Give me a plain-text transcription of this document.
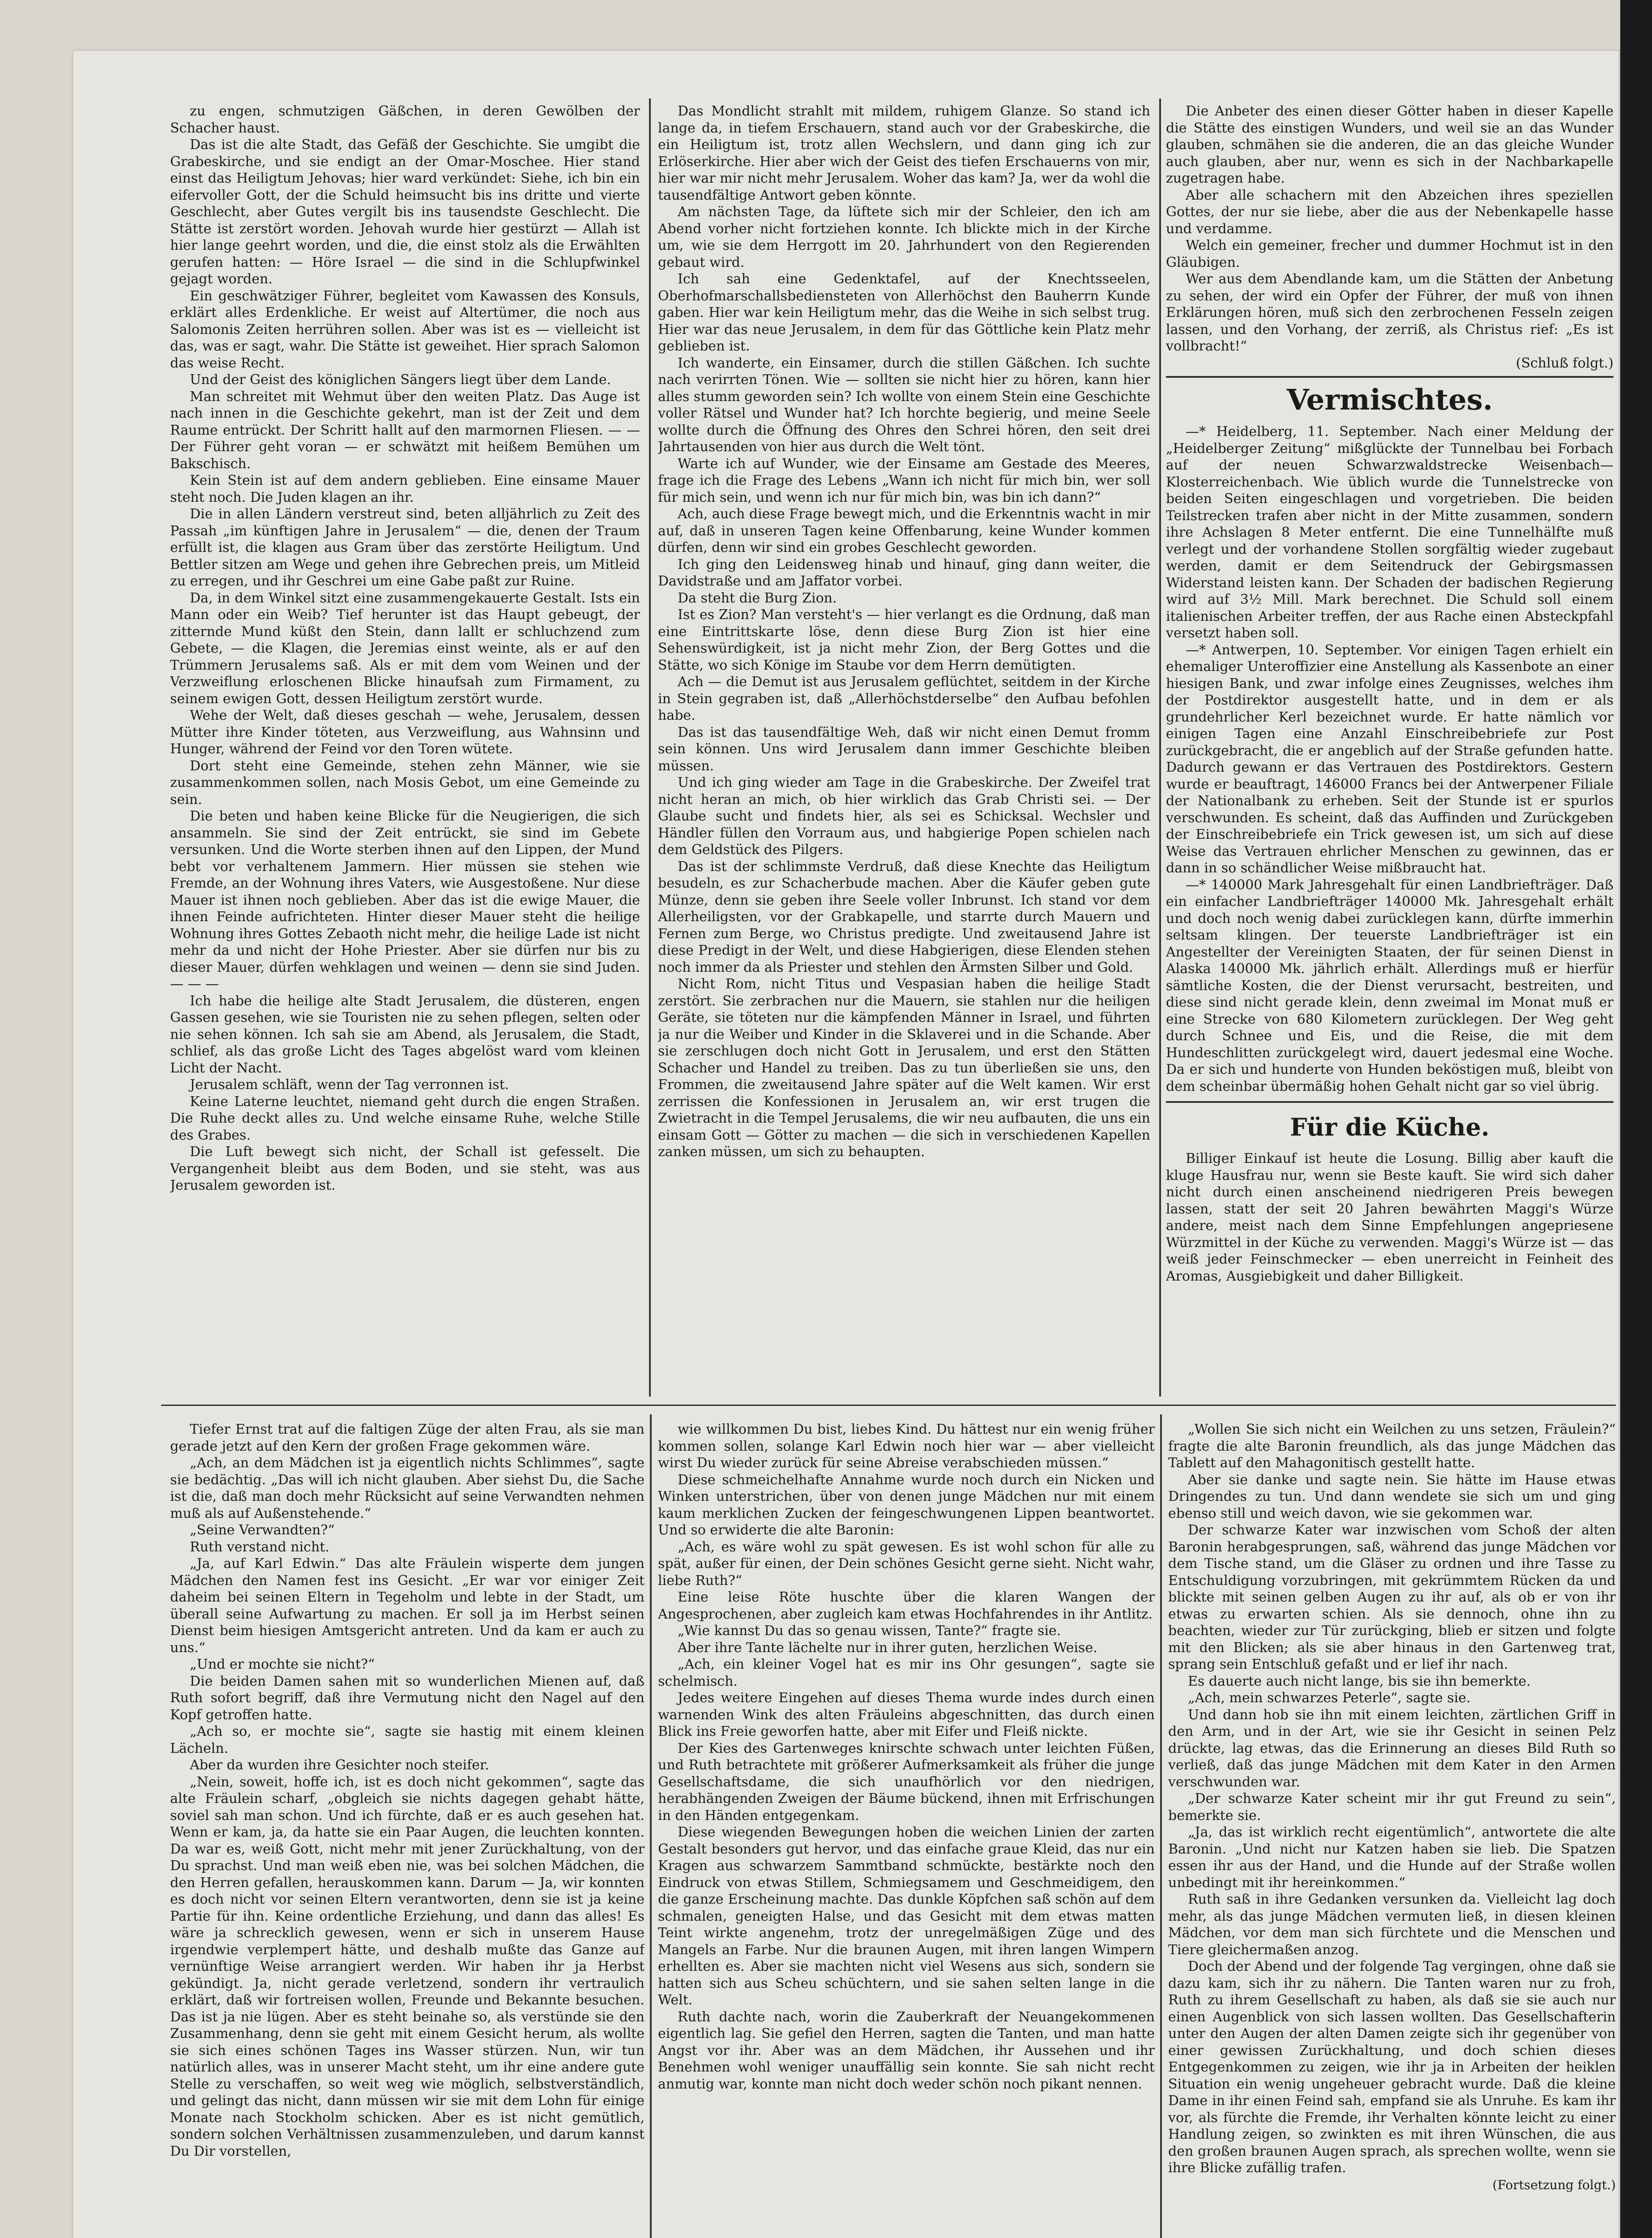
zu engen, schmutzigen Gäßchen, in deren Gewölben der Schacher haust.

Das ist die alte Stadt, das Gefäß der Geschichte. Sie umgibt die Grabeskirche, und sie endigt an der Omar-Moschee. Hier stand einst das Heiligtum Jehovas; hier ward verkündet: Siehe, ich bin ein eifervoller Gott, der die Schuld heimsucht bis ins dritte und vierte Geschlecht, aber Gutes vergilt bis ins tausendste Geschlecht. Die Stätte ist zerstört worden. Jehovah wurde hier gestürzt — Allah ist hier lange geehrt worden, und die, die einst stolz als die Erwählten gerufen hatten: — Höre Israel — die sind in die Schlupfwinkel gejagt worden.

Ein geschwätziger Führer, begleitet vom Kawassen des Konsuls, erklärt alles Erdenkliche. Er weist auf Altertümer, die noch aus Salomonis Zeiten herrühren sollen. Aber was ist es — vielleicht ist das, was er sagt, wahr. Die Stätte ist geweihet. Hier sprach Salomon das weise Recht.

Und der Geist des königlichen Sängers liegt über dem Lande.

Man schreitet mit Wehmut über den weiten Platz. Das Auge ist nach innen in die Geschichte gekehrt, man ist der Zeit und dem Raume entrückt. Der Schritt hallt auf den marmornen Fliesen. — — Der Führer geht voran — er schwätzt mit heißem Bemühen um Bakschisch.

Kein Stein ist auf dem andern geblieben. Eine einsame Mauer steht noch. Die Juden klagen an ihr.

Die in allen Ländern verstreut sind, beten alljährlich zu Zeit des Passah „im künftigen Jahre in Jerusalem“ — die, denen der Traum erfüllt ist, die klagen aus Gram über das zerstörte Heiligtum. Und Bettler sitzen am Wege und gehen ihre Gebrechen preis, um Mitleid zu erregen, und ihr Geschrei um eine Gabe paßt zur Ruine.

Da, in dem Winkel sitzt eine zusammengekauerte Gestalt. Ists ein Mann oder ein Weib? Tief herunter ist das Haupt gebeugt, der zitternde Mund küßt den Stein, dann lallt er schluchzend zum Gebete, — die Klagen, die Jeremias einst weinte, als er auf den Trümmern Jerusalems saß. Als er mit dem vom Weinen und der Verzweiflung erloschenen Blicke hinaufsah zum Firmament, zu seinem ewigen Gott, dessen Heiligtum zerstört wurde.

Wehe der Welt, daß dieses geschah — wehe, Jerusalem, dessen Mütter ihre Kinder töteten, aus Verzweiflung, aus Wahnsinn und Hunger, während der Feind vor den Toren wütete.

Dort steht eine Gemeinde, stehen zehn Männer, wie sie zusammenkommen sollen, nach Mosis Gebot, um eine Gemeinde zu sein.

Die beten und haben keine Blicke für die Neugierigen, die sich ansammeln. Sie sind der Zeit entrückt, sie sind im Gebete versunken. Und die Worte sterben ihnen auf den Lippen, der Mund bebt vor verhaltenem Jammern. Hier müssen sie stehen wie Fremde, an der Wohnung ihres Vaters, wie Ausgestoßene. Nur diese Mauer ist ihnen noch geblieben. Aber das ist die ewige Mauer, die ihnen Feinde aufrichteten. Hinter dieser Mauer steht die heilige Wohnung ihres Gottes Zebaoth nicht mehr, die heilige Lade ist nicht mehr da und nicht der Hohe Priester. Aber sie dürfen nur bis zu dieser Mauer, dürfen wehklagen und weinen — denn sie sind Juden. — — —

Ich habe die heilige alte Stadt Jerusalem, die düsteren, engen Gassen gesehen, wie sie Touristen nie zu sehen pflegen, selten oder nie sehen können. Ich sah sie am Abend, als Jerusalem, die Stadt, schlief, als das große Licht des Tages abgelöst ward vom kleinen Licht der Nacht.

Jerusalem schläft, wenn der Tag verronnen ist.

Keine Laterne leuchtet, niemand geht durch die engen Straßen. Die Ruhe deckt alles zu. Und welche einsame Ruhe, welche Stille des Grabes.

Die Luft bewegt sich nicht, der Schall ist gefesselt. Die Vergangenheit bleibt aus dem Boden, und sie steht, was aus Jerusalem geworden ist.

Das Mondlicht strahlt mit mildem, ruhigem Glanze. So stand ich lange da, in tiefem Erschauern, stand auch vor der Grabeskirche, die ein Heiligtum ist, trotz allen Wechslern, und dann ging ich zur Erlöserkirche. Hier aber wich der Geist des tiefen Erschauerns von mir, hier war mir nicht mehr Jerusalem. Woher das kam? Ja, wer da wohl die tausendfältige Antwort geben könnte.

Am nächsten Tage, da lüftete sich mir der Schleier, den ich am Abend vorher nicht fortziehen konnte. Ich blickte mich in der Kirche um, wie sie dem Herrgott im 20. Jahrhundert von den Regierenden gebaut wird.

Ich sah eine Gedenktafel, auf der Knechtsseelen, Oberhofmarschallsbediensteten von Allerhöchst den Bauherrn Kunde gaben. Hier war kein Heiligtum mehr, das die Weihe in sich selbst trug. Hier war das neue Jerusalem, in dem für das Göttliche kein Platz mehr geblieben ist.

Ich wanderte, ein Einsamer, durch die stillen Gäßchen. Ich suchte nach verirrten Tönen. Wie — sollten sie nicht hier zu hören, kann hier alles stumm geworden sein? Ich wollte von einem Stein eine Geschichte voller Rätsel und Wunder hat? Ich horchte begierig, und meine Seele wollte durch die Öffnung des Ohres den Schrei hören, den seit drei Jahrtausenden von hier aus durch die Welt tönt.

Warte ich auf Wunder, wie der Einsame am Gestade des Meeres, frage ich die Frage des Lebens „Wann ich nicht für mich bin, wer soll für mich sein, und wenn ich nur für mich bin, was bin ich dann?“

Ach, auch diese Frage bewegt mich, und die Erkenntnis wacht in mir auf, daß in unseren Tagen keine Offenbarung, keine Wunder kommen dürfen, denn wir sind ein grobes Geschlecht geworden.

Ich ging den Leidensweg hinab und hinauf, ging dann weiter, die Davidstraße und am Jaffator vorbei.

Da steht die Burg Zion.

Ist es Zion? Man versteht's — hier verlangt es die Ordnung, daß man eine Eintrittskarte löse, denn diese Burg Zion ist hier eine Sehenswürdigkeit, ist ja nicht mehr Zion, der Berg Gottes und die Stätte, wo sich Könige im Staube vor dem Herrn demütigten.

Ach — die Demut ist aus Jerusalem geflüchtet, seitdem in der Kirche in Stein gegraben ist, daß „Allerhöchstderselbe“ den Aufbau befohlen habe.

Das ist das tausendfältige Weh, daß wir nicht einen Demut fromm sein können. Uns wird Jerusalem dann immer Geschichte bleiben müssen.

Und ich ging wieder am Tage in die Grabeskirche. Der Zweifel trat nicht heran an mich, ob hier wirklich das Grab Christi sei. — Der Glaube sucht und findets hier, als sei es Schicksal. Wechsler und Händler füllen den Vorraum aus, und habgierige Popen schielen nach dem Geldstück des Pilgers.

Das ist der schlimmste Verdruß, daß diese Knechte das Heiligtum besudeln, es zur Schacherbude machen. Aber die Käufer geben gute Münze, denn sie geben ihre Seele voller Inbrunst. Ich stand vor dem Allerheiligsten, vor der Grabkapelle, und starrte durch Mauern und Fernen zum Berge, wo Christus predigte. Und zweitausend Jahre ist diese Predigt in der Welt, und diese Habgierigen, diese Elenden stehen noch immer da als Priester und stehlen den Ärmsten Silber und Gold.

Nicht Rom, nicht Titus und Vespasian haben die heilige Stadt zerstört. Sie zerbrachen nur die Mauern, sie stahlen nur die heiligen Geräte, sie töteten nur die kämpfenden Männer in Israel, und führten ja nur die Weiber und Kinder in die Sklaverei und in die Schande. Aber sie zerschlugen doch nicht Gott in Jerusalem, und erst den Stätten Schacher und Handel zu treiben. Das zu tun überließen sie uns, den Frommen, die zweitausend Jahre später auf die Welt kamen. Wir erst zerrissen die Konfessionen in Jerusalem an, wir erst trugen die Zwietracht in die Tempel Jerusalems, die wir neu aufbauten, die uns ein einsam Gott — Götter zu machen — die sich in verschiedenen Kapellen zanken müssen, um sich zu behaupten.

Die Anbeter des einen dieser Götter haben in dieser Kapelle die Stätte des einstigen Wunders, und weil sie an das Wunder glauben, schmähen sie die anderen, die an das gleiche Wunder auch glauben, aber nur, wenn es sich in der Nachbarkapelle zugetragen habe.

Aber alle schachern mit den Abzeichen ihres speziellen Gottes, der nur sie liebe, aber die aus der Nebenkapelle hasse und verdamme.

Welch ein gemeiner, frecher und dummer Hochmut ist in den Gläubigen.

Wer aus dem Abendlande kam, um die Stätten der Anbetung zu sehen, der wird ein Opfer der Führer, der muß von ihnen Erklärungen hören, muß sich den zerbrochenen Fesseln zeigen lassen, und den Vorhang, der zerriß, als Christus rief: „Es ist vollbracht!“

(Schluß folgt.)
Vermischtes.

—* Heidelberg, 11. September. Nach einer Meldung der „Heidelberger Zeitung“ mißglückte der Tunnelbau bei Forbach auf der neuen Schwarzwaldstrecke Weisenbach—Klosterreichenbach. Wie üblich wurde die Tunnelstrecke von beiden Seiten eingeschlagen und vorgetrieben. Die beiden Teilstrecken trafen aber nicht in der Mitte zusammen, sondern ihre Achslagen 8 Meter entfernt. Die eine Tunnelhälfte muß verlegt und der vorhandene Stollen sorgfältig wieder zugebaut werden, damit er dem Seitendruck der Gebirgsmassen Widerstand leisten kann. Der Schaden der badischen Regierung wird auf 3½ Mill. Mark berechnet. Die Schuld soll einem italienischen Arbeiter treffen, der aus Rache einen Absteckpfahl versetzt haben soll.

—* Antwerpen, 10. September. Vor einigen Tagen erhielt ein ehemaliger Unteroffizier eine Anstellung als Kassenbote an einer hiesigen Bank, und zwar infolge eines Zeugnisses, welches ihm der Postdirektor ausgestellt hatte, und in dem er als grundehrlicher Kerl bezeichnet wurde. Er hatte nämlich vor einigen Tagen eine Anzahl Einschreibebriefe zur Post zurückgebracht, die er angeblich auf der Straße gefunden hatte. Dadurch gewann er das Vertrauen des Postdirektors. Gestern wurde er beauftragt, 146000 Francs bei der Antwerpener Filiale der Nationalbank zu erheben. Seit der Stunde ist er spurlos verschwunden. Es scheint, daß das Auffinden und Zurückgeben der Einschreibebriefe ein Trick gewesen ist, um sich auf diese Weise das Vertrauen ehrlicher Menschen zu gewinnen, das er dann in so schändlicher Weise mißbraucht hat.

—* 140000 Mark Jahresgehalt für einen Landbriefträger. Daß ein einfacher Landbriefträger 140000 Mk. Jahresgehalt erhält und doch noch wenig dabei zurücklegen kann, dürfte immerhin seltsam klingen. Der teuerste Landbriefträger ist ein Angestellter der Vereinigten Staaten, der für seinen Dienst in Alaska 140000 Mk. jährlich erhält. Allerdings muß er hierfür sämtliche Kosten, die der Dienst verursacht, bestreiten, und diese sind nicht gerade klein, denn zweimal im Monat muß er eine Strecke von 680 Kilometern zurücklegen. Der Weg geht durch Schnee und Eis, und die Reise, die mit dem Hundeschlitten zurückgelegt wird, dauert jedesmal eine Woche. Da er sich und hunderte von Hunden beköstigen muß, bleibt von dem scheinbar übermäßig hohen Gehalt nicht gar so viel übrig.

Für die Küche.

Billiger Einkauf ist heute die Losung. Billig aber kauft die kluge Hausfrau nur, wenn sie Beste kauft. Sie wird sich daher nicht durch einen anscheinend niedrigeren Preis bewegen lassen, statt der seit 20 Jahren bewährten Maggi's Würze andere, meist nach dem Sinne Empfehlungen angepriesene Würzmittel in der Küche zu verwenden. Maggi's Würze ist — das weiß jeder Feinschmecker — eben unerreicht in Feinheit des Aromas, Ausgiebigkeit und daher Billigkeit.

Tiefer Ernst trat auf die faltigen Züge der alten Frau, als sie man gerade jetzt auf den Kern der großen Frage gekommen wäre.

„Ach, an dem Mädchen ist ja eigentlich nichts Schlimmes“, sagte sie bedächtig. „Das will ich nicht glauben. Aber siehst Du, die Sache ist die, daß man doch mehr Rücksicht auf seine Verwandten nehmen muß als auf Außenstehende.“

„Seine Verwandten?“

Ruth verstand nicht.

„Ja, auf Karl Edwin.“ Das alte Fräulein wisperte dem jungen Mädchen den Namen fest ins Gesicht. „Er war vor einiger Zeit daheim bei seinen Eltern in Tegeholm und lebte in der Stadt, um überall seine Aufwartung zu machen. Er soll ja im Herbst seinen Dienst beim hiesigen Amtsgericht antreten. Und da kam er auch zu uns.“

„Und er mochte sie nicht?“

Die beiden Damen sahen mit so wunderlichen Mienen auf, daß Ruth sofort begriff, daß ihre Vermutung nicht den Nagel auf den Kopf getroffen hatte.

„Ach so, er mochte sie“, sagte sie hastig mit einem kleinen Lächeln.

Aber da wurden ihre Gesichter noch steifer.

„Nein, soweit, hoffe ich, ist es doch nicht gekommen“, sagte das alte Fräulein scharf, „obgleich sie nichts dagegen gehabt hätte, soviel sah man schon. Und ich fürchte, daß er es auch gesehen hat. Wenn er kam, ja, da hatte sie ein Paar Augen, die leuchten konnten. Da war es, weiß Gott, nicht mehr mit jener Zurückhaltung, von der Du sprachst. Und man weiß eben nie, was bei solchen Mädchen, die den Herren gefallen, herauskommen kann. Darum — Ja, wir konnten es doch nicht vor seinen Eltern verantworten, denn sie ist ja keine Partie für ihn. Keine ordentliche Erziehung, und dann das alles! Es wäre ja schrecklich gewesen, wenn er sich in unserem Hause irgendwie verplempert hätte, und deshalb mußte das Ganze auf vernünftige Weise arrangiert werden. Wir haben ihr ja Herbst gekündigt. Ja, nicht gerade verletzend, sondern ihr vertraulich erklärt, daß wir fortreisen wollen, Freunde und Bekannte besuchen. Das ist ja nie lügen. Aber es steht beinahe so, als verstünde sie den Zusammenhang, denn sie geht mit einem Gesicht herum, als wollte sie sich eines schönen Tages ins Wasser stürzen. Nun, wir tun natürlich alles, was in unserer Macht steht, um ihr eine andere gute Stelle zu verschaffen, so weit weg wie möglich, selbstverständlich, und gelingt das nicht, dann müssen wir sie mit dem Lohn für einige Monate nach Stockholm schicken. Aber es ist nicht gemütlich, sondern solchen Verhältnissen zusammenzuleben, und darum kannst Du Dir vorstellen,

wie willkommen Du bist, liebes Kind. Du hättest nur ein wenig früher kommen sollen, solange Karl Edwin noch hier war — aber vielleicht wirst Du wieder zurück für seine Abreise verabschieden müssen.“

Diese schmeichelhafte Annahme wurde noch durch ein Nicken und Winken unterstrichen, über von denen junge Mädchen nur mit einem kaum merklichen Zucken der feingeschwungenen Lippen beantwortet. Und so erwiderte die alte Baronin:

„Ach, es wäre wohl zu spät gewesen. Es ist wohl schon für alle zu spät, außer für einen, der Dein schönes Gesicht gerne sieht. Nicht wahr, liebe Ruth?“

Eine leise Röte huschte über die klaren Wangen der Angesprochenen, aber zugleich kam etwas Hochfahrendes in ihr Antlitz.

„Wie kannst Du das so genau wissen, Tante?“ fragte sie.

Aber ihre Tante lächelte nur in ihrer guten, herzlichen Weise.

„Ach, ein kleiner Vogel hat es mir ins Ohr gesungen“, sagte sie schelmisch.

Jedes weitere Eingehen auf dieses Thema wurde indes durch einen warnenden Wink des alten Fräuleins abgeschnitten, das durch einen Blick ins Freie geworfen hatte, aber mit Eifer und Fleiß nickte.

Der Kies des Gartenweges knirschte schwach unter leichten Füßen, und Ruth betrachtete mit größerer Aufmerksamkeit als früher die junge Gesellschaftsdame, die sich unaufhörlich vor den niedrigen, herabhängenden Zweigen der Bäume bückend, ihnen mit Erfrischungen in den Händen entgegenkam.

Diese wiegenden Bewegungen hoben die weichen Linien der zarten Gestalt besonders gut hervor, und das einfache graue Kleid, das nur ein Kragen aus schwarzem Sammtband schmückte, bestärkte noch den Eindruck von etwas Stillem, Schmiegsamem und Geschmeidigem, den die ganze Erscheinung machte. Das dunkle Köpfchen saß schön auf dem schmalen, geneigten Halse, und das Gesicht mit dem etwas matten Teint wirkte angenehm, trotz der unregelmäßigen Züge und des Mangels an Farbe. Nur die braunen Augen, mit ihren langen Wimpern erhellten es. Aber sie machten nicht viel Wesens aus sich, sondern sie hatten sich aus Scheu schüchtern, und sie sahen selten lange in die Welt.

Ruth dachte nach, worin die Zauberkraft der Neuangekommenen eigentlich lag. Sie gefiel den Herren, sagten die Tanten, und man hatte Angst vor ihr. Aber was an dem Mädchen, ihr Aussehen und ihr Benehmen wohl weniger unauffällig sein konnte. Sie sah nicht recht anmutig war, konnte man nicht doch weder schön noch pikant nennen.

„Wollen Sie sich nicht ein Weilchen zu uns setzen, Fräulein?“ fragte die alte Baronin freundlich, als das junge Mädchen das Tablett auf den Mahagonitisch gestellt hatte.

Aber sie danke und sagte nein. Sie hätte im Hause etwas Dringendes zu tun. Und dann wendete sie sich um und ging ebenso still und weich davon, wie sie gekommen war.

Der schwarze Kater war inzwischen vom Schoß der alten Baronin herabgesprungen, saß, während das junge Mädchen vor dem Tische stand, um die Gläser zu ordnen und ihre Tasse zu Entschuldigung vorzubringen, mit gekrümmtem Rücken da und blickte mit seinen gelben Augen zu ihr auf, als ob er von ihr etwas zu erwarten schien. Als sie dennoch, ohne ihn zu beachten, wieder zur Tür zurückging, blieb er sitzen und folgte mit den Blicken; als sie aber hinaus in den Gartenweg trat, sprang sein Entschluß gefaßt und er lief ihr nach.

Es dauerte auch nicht lange, bis sie ihn bemerkte.

„Ach, mein schwarzes Peterle“, sagte sie.

Und dann hob sie ihn mit einem leichten, zärtlichen Griff in den Arm, und in der Art, wie sie ihr Gesicht in seinen Pelz drückte, lag etwas, das die Erinnerung an dieses Bild Ruth so verließ, daß das junge Mädchen mit dem Kater in den Armen verschwunden war.

„Der schwarze Kater scheint mir ihr gut Freund zu sein“, bemerkte sie.

„Ja, das ist wirklich recht eigentümlich“, antwortete die alte Baronin. „Und nicht nur Katzen haben sie lieb. Die Spatzen essen ihr aus der Hand, und die Hunde auf der Straße wollen unbedingt mit ihr hereinkommen.“

Ruth saß in ihre Gedanken versunken da. Vielleicht lag doch mehr, als das junge Mädchen vermuten ließ, in diesen kleinen Mädchen, vor dem man sich fürchtete und die Menschen und Tiere gleichermaßen anzog.

Doch der Abend und der folgende Tag vergingen, ohne daß sie dazu kam, sich ihr zu nähern. Die Tanten waren nur zu froh, Ruth zu ihrem Gesellschaft zu haben, als daß sie sie auch nur einen Augenblick von sich lassen wollten. Das Gesellschafterin unter den Augen der alten Damen zeigte sich ihr gegenüber von einer gewissen Zurückhaltung, und doch schien dieses Entgegenkommen zu zeigen, wie ihr ja in Arbeiten der heiklen Situation ein wenig ungeheuer gebracht wurde. Daß die kleine Dame in ihr einen Feind sah, empfand sie als Unruhe. Es kam ihr vor, als fürchte die Fremde, ihr Verhalten könnte leicht zu einer Handlung zeigen, so zwinkten es mit ihren Wünschen, die aus den großen braunen Augen sprach, als sprechen wollte, wenn sie ihre Blicke zufällig trafen.

(Fortsetzung folgt.)
